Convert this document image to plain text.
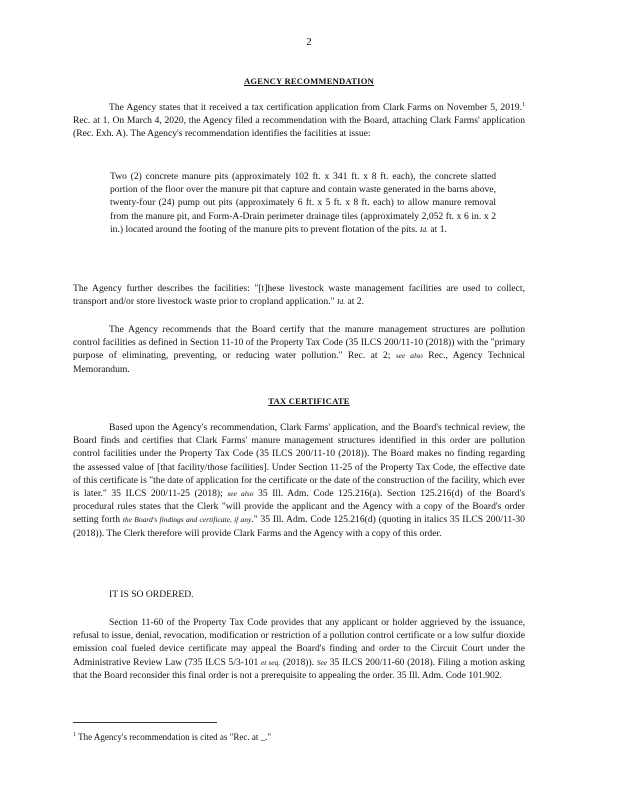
2
AGENCY RECOMMENDATION

The Agency states that it received a tax certification application from Clark Farms on November 5, 2019.$^1$ Rec. at 1. On March 4, 2020, the Agency filed a recommendation with the Board, attaching Clark Farms' application (Rec. Exh. A). The Agency's recommendation identifies the facilities at issue:

Two (2) concrete manure pits (approximately 102 ft. x 341 ft. x 8 ft. each), the concrete slatted portion of the floor over the manure pit that capture and contain waste generated in the barns above, twenty-four (24) pump out pits (approximately 6 ft. x 5 ft. x 8 ft. each) to allow manure removal from the manure pit, and Form-A-Drain perimeter drainage tiles (approximately 2,052 ft. x 6 in. x 2 in.) located around the footing of the manure pits to prevent flotation of the pits. Id. at 1.

The Agency further describes the facilities: "[t]hese livestock waste management facilities are used to collect, transport and/or store livestock waste prior to cropland application." Id. at 2.

The Agency recommends that the Board certify that the manure management structures are pollution control facilities as defined in Section 11-10 of the Property Tax Code (35 ILCS 200/11-10 (2018)) with the "primary purpose of eliminating, preventing, or reducing water pollution." Rec. at 2; see also Rec., Agency Technical Memorandum.

TAX CERTIFICATE

Based upon the Agency's recommendation, Clark Farms' application, and the Board's technical review, the Board finds and certifies that Clark Farms' manure management structures identified in this order are pollution control facilities under the Property Tax Code (35 ILCS 200/11-10 (2018)). The Board makes no finding regarding the assessed value of [that facility/those facilities]. Under Section 11-25 of the Property Tax Code, the effective date of this certificate is "the date of application for the certificate or the date of the construction of the facility, which ever is later." 35 ILCS 200/11-25 (2018); see also 35 Ill. Adm. Code 125.216(a). Section 125.216(d) of the Board's procedural rules states that the Clerk "will provide the applicant and the Agency with a copy of the Board's order setting forth the Board's findings and certificate, if any." 35 Ill. Adm. Code 125.216(d) (quoting in italics 35 ILCS 200/11-30 (2018)). The Clerk therefore will provide Clark Farms and the Agency with a copy of this order.

IT IS SO ORDERED.

Section 11-60 of the Property Tax Code provides that any applicant or holder aggrieved by the issuance, refusal to issue, denial, revocation, modification or restriction of a pollution control certificate or a low sulfur dioxide emission coal fueled device certificate may appeal the Board's finding and order to the Circuit Court under the Administrative Review Law (735 ILCS 5/3-101 et seq. (2018)). See 35 ILCS 200/11-60 (2018). Filing a motion asking that the Board reconsider this final order is not a prerequisite to appealing the order. 35 Ill. Adm. Code 101.902.

$^1$ The Agency's recommendation is cited as "Rec. at _."
